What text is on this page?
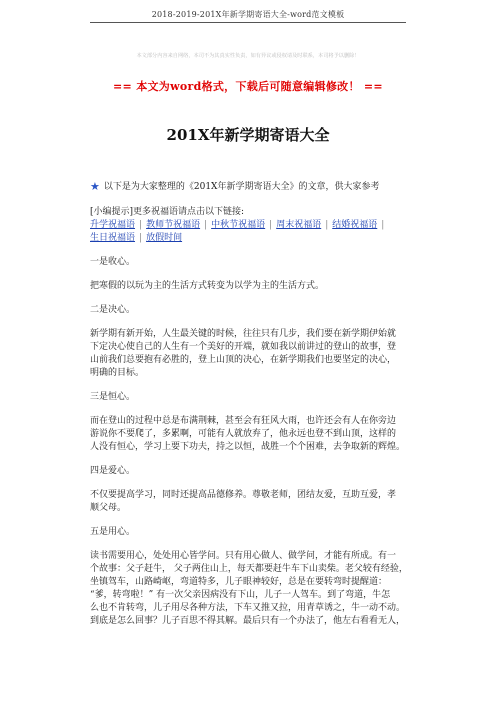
2018-2019-201X年新学期寄语大全-word范文模板
本文部分内容来自网络，本司不为其真实性负责，如有异议或侵权请及时联系，本司将予以删除！
== 本文为word格式，下载后可随意编辑修改！ ==
201X年新学期寄语大全
★ 以下是为大家整理的《201X年新学期寄语大全》的文章，供大家参考
[小编提示]更多祝福语请点击以下链接:
升学祝福语 | 教师节祝福语 | 中秋节祝福语 | 周末祝福语 | 结婚祝福语 |
生日祝福语 | 放假时间
一是收心。

把寒假的以玩为主的生活方式转变为以学为主的生活方式。

二是决心。

新学期有新开始，人生最关键的时候，往往只有几步，我们要在新学期伊始就

下定决心使自己的人生有一个美好的开端，就如我以前讲过的登山的故事，登

山前我们总要抱有必胜的，登上山顶的决心，在新学期我们也要坚定的决心，

明确的目标。

三是恒心。

而在登山的过程中总是布满荆棘，甚至会有狂风大雨，也许还会有人在你旁边

游说你不要爬了，多累啊，可能有人就放弃了，他永远也登不到山顶，这样的

人没有恒心，学习上要下功夫，持之以恒，战胜一个个困难，去争取新的辉煌。

四是爱心。

不仅要提高学习，同时还提高品德修养。尊敬老师，团结友爱，互助互爱，孝

顺父母。

五是用心。

读书需要用心，处处用心皆学问。只有用心做人、做学问，才能有所成。有一

个故事：父子赶牛， 父子两住山上，每天都要赶牛车下山卖柴。老父较有经验，

坐镇驾车，山路崎岖，弯道特多，儿子眼神较好，总是在要转弯时提醒道：

“爹，转弯啦！” 有一次父亲因病没有下山，儿子一人驾车。到了弯道，牛怎

么也不肯转弯，儿子用尽各种方法，下车又推又拉，用青草诱之，牛一动不动。

到底是怎么回事？儿子百思不得其解。最后只有一个办法了，他左右看看无人，
